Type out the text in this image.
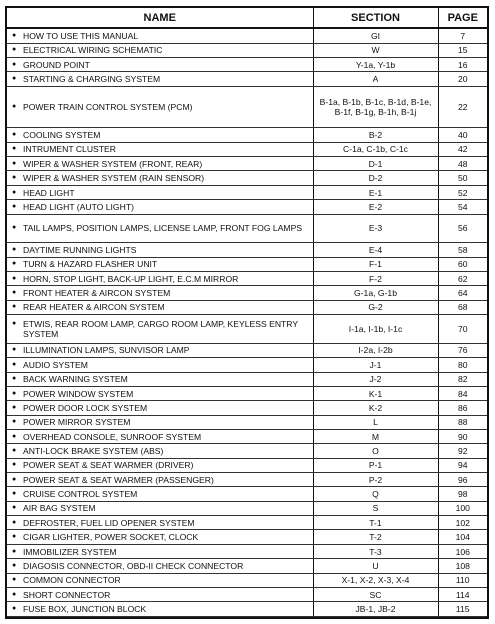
NAME	SECTION	PAGE
● HOW TO USE THIS MANUAL	GI	7
● ELECTRICAL WIRING SCHEMATIC	W	15
● GROUND POINT	Y-1a, Y-1b	16
● STARTING & CHARGING SYSTEM	A	20
● POWER TRAIN CONTROL SYSTEM (PCM)	B-1a, B-1b, B-1c, B-1d, B-1e, B-1f, B-1g, B-1h, B-1j	22
● COOLING SYSTEM	B-2	40
● INTRUMENT CLUSTER	C-1a, C-1b, C-1c	42
● WIPER & WASHER SYSTEM (FRONT, REAR)	D-1	48
● WIPER & WASHER SYSTEM (RAIN SENSOR)	D-2	50
● HEAD LIGHT	E-1	52
● HEAD LIGHT (AUTO LIGHT)	E-2	54
● TAIL LAMPS, POSITION LAMPS, LICENSE LAMP, FRONT FOG LAMPS	E-3	56
● DAYTIME RUNNING LIGHTS	E-4	58
● TURN & HAZARD FLASHER UNIT	F-1	60
● HORN, STOP LIGHT, BACK-UP LIGHT, E.C.M MIRROR	F-2	62
● FRONT HEATER & AIRCON SYSTEM	G-1a, G-1b	64
● REAR HEATER & AIRCON SYSTEM	G-2	68
● ETWIS, REAR ROOM LAMP, CARGO ROOM LAMP, KEYLESS ENTRY SYSTEM	I-1a, I-1b, I-1c	70
● ILLUMINATION LAMPS, SUNVISOR LAMP	I-2a, I-2b	76
● AUDIO SYSTEM	J-1	80
● BACK WARNING SYSTEM	J-2	82
● POWER WINDOW SYSTEM	K-1	84
● POWER DOOR LOCK SYSTEM	K-2	86
● POWER MIRROR SYSTEM	L	88
● OVERHEAD CONSOLE, SUNROOF SYSTEM	M	90
● ANTI-LOCK BRAKE SYSTEM (ABS)	O	92
● POWER SEAT & SEAT WARMER (DRIVER)	P-1	94
● POWER SEAT & SEAT WARMER (PASSENGER)	P-2	96
● CRUISE CONTROL SYSTEM	Q	98
● AIR BAG SYSTEM	S	100
● DEFROSTER, FUEL LID OPENER SYSTEM	T-1	102
● CIGAR LIGHTER, POWER SOCKET, CLOCK	T-2	104
● IMMOBILIZER SYSTEM	T-3	106
● DIAGOSIS CONNECTOR, OBD-II CHECK CONNECTOR	U	108
● COMMON CONNECTOR	X-1, X-2, X-3, X-4	110
● SHORT CONNECTOR	SC	114
● FUSE BOX, JUNCTION BLOCK	JB-1, JB-2	115
